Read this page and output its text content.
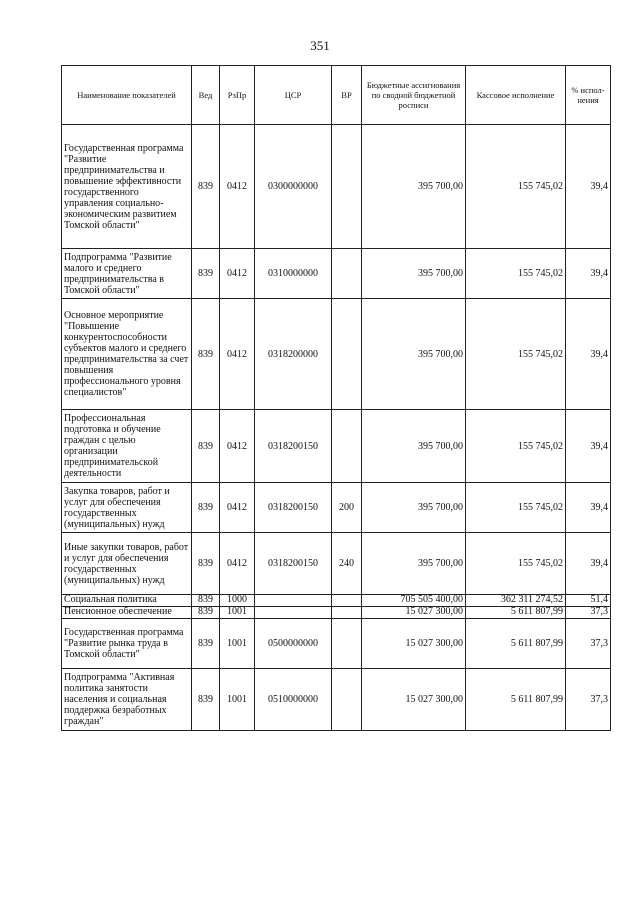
351
Наименование показателей	Вед	РзПр	ЦСР	ВР	Бюджетные ассигнования по сводной бюджетной росписи	Кассовое исполнение	% испол-нения
Государственная программа "Развитие предпринимательства и повышение эффективности государственного управления социально-экономическим развитием Томской области"	839	0412	0300000000		395 700,00	155 745,02	39,4
Подпрограмма "Развитие малого и среднего предпринимательства в Томской области"	839	0412	0310000000		395 700,00	155 745,02	39,4
Основное мероприятие "Повышение конкурентоспособности субъектов малого и среднего предпринимательства за счет повышения профессионального уровня специалистов"	839	0412	0318200000		395 700,00	155 745,02	39,4
Профессиональная подготовка и обучение граждан с целью организации предпринимательской деятельности	839	0412	0318200150		395 700,00	155 745,02	39,4
Закупка товаров, работ и услуг для обеспечения государственных (муниципальных) нужд	839	0412	0318200150	200	395 700,00	155 745,02	39,4
Иные закупки товаров, работ и услуг для обеспечения государственных (муниципальных) нужд	839	0412	0318200150	240	395 700,00	155 745,02	39,4
Социальная политика	839	1000			705 505 400,00	362 311 274,52	51,4
Пенсионное обеспечение	839	1001			15 027 300,00	5 611 807,99	37,3
Государственная программа "Развитие рынка труда в Томской области"	839	1001	0500000000		15 027 300,00	5 611 807,99	37,3
Подпрограмма "Активная политика занятости населения и социальная поддержка безработных граждан"	839	1001	0510000000		15 027 300,00	5 611 807,99	37,3
